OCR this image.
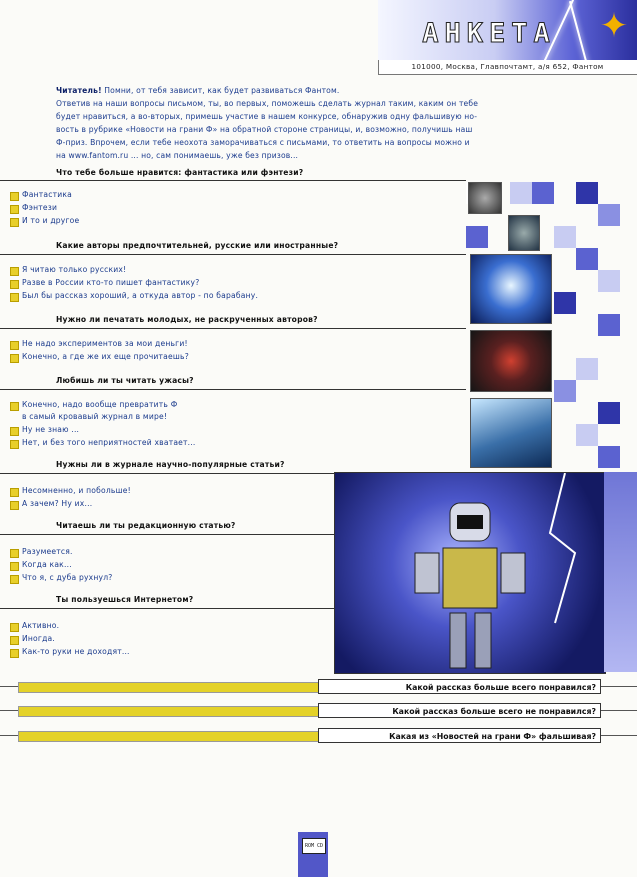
АНКЕТА	✦
101000, Москва, Главпочтамт, а/я 652, Фантом
Читатель! Помни, от тебя зависит, как будет развиваться Фантом.
Ответив на наши вопросы письмом, ты, во первых, поможешь сделать журнал таким, каким он тебе
будет нравиться, а во-вторых, примешь участие в нашем конкурсе, обнаружив одну фальшивую но-
вость в рубрике «Новости на грани Ф» на обратной стороне страницы, и, возможно, получишь наш
Ф-приз. Впрочем, если тебе неохота заморачиваться с письмами, то ответить на вопросы можно и
на www.fantom.ru ... но, сам понимаешь, уже без призов...
Что тебе больше нравится: фантастика или фэнтези?
Фантастика
Фэнтези
И то и другое
Какие авторы предпочтительней, русские или иностранные?
Я читаю только русских!
Разве в России кто-то пишет фантастику?
Был бы рассказ хороший, а откуда автор - по барабану.
Нужно ли печатать молодых, не раскрученных авторов?
Не надо экспериментов за мои деньги!
Конечно, а где же их еще прочитаешь?
Любишь ли ты читать ужасы?
Конечно, надо вообще превратить Ф
в самый кровавый журнал в мире!
Ну не знаю ...
Нет, и без того неприятностей хватает...
Нужны ли в журнале научно-популярные статьи?
Несомненно, и побольше!
А зачем? Ну их...
Читаешь ли ты редакционную статью?
Разумеется.
Когда как...
Что я, с дуба рухнул?
Ты пользуешься Интернетом?
Активно.
Иногда.
Как-то руки не доходят...
Какой рассказ больше всего понравился?
Какой рассказ больше всего не понравился?
Какая из «Новостей на грани Ф» фальшивая?
ROM CD
